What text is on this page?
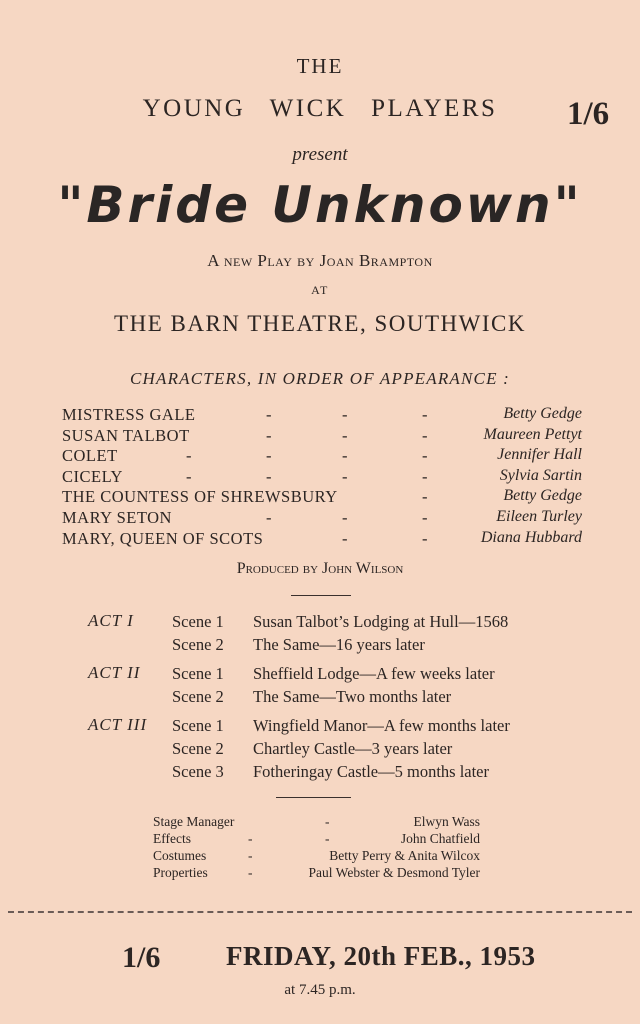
THE
YOUNG WICK PLAYERS	1/6
present
"Bride Unknown"
A new Play by Joan Brampton
AT
THE BARN THEATRE, SOUTHWICK
CHARACTERS, IN ORDER OF APPEARANCE :
MISTRESS GALE	-	-	-	Betty Gedge
SUSAN TALBOT	-	-	-	Maureen Pettyt
COLET	-	-	-	-	Jennifer Hall
CICELY	-	-	-	-	Sylvia Sartin
THE COUNTESS OF SHREWSBURY	-	Betty Gedge
MARY SETON	-	-	-	Eileen Turley
MARY, QUEEN OF SCOTS	-	-	Diana Hubbard
Produced by John Wilson
ACT I Scene 1 Susan Talbot’s Lodging at Hull—1568
Scene 2 The Same—16 years later
ACT II Scene 1 Sheffield Lodge—A few weeks later
Scene 2 The Same—Two months later
ACT III Scene 1 Wingfield Manor—A few months later
Scene 2 Chartley Castle—3 years later
Scene 3 Fotheringay Castle—5 months later
Stage Manager	-	Elwyn Wass
Effects	-	-	John Chatfield
Costumes	-	Betty Perry & Anita Wilcox
Properties	-	Paul Webster & Desmond Tyler
1/6 FRIDAY, 20th FEB., 1953
at 7.45 p.m.
